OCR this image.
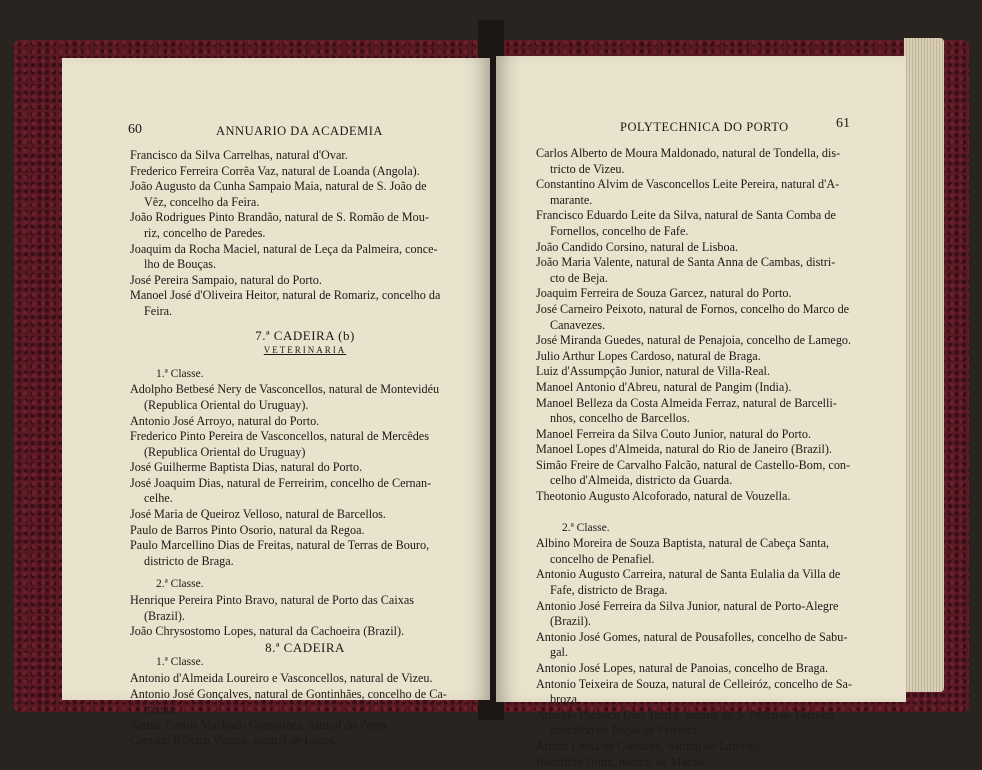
60	ANNUARIO DA ACADEMIA
Francisco da Silva Carrelhas, natural d'Ovar.
Frederico Ferreira Corrêa Vaz, natural de Loanda (Angola).
João Augusto da Cunha Sampaio Maia, natural de S. João de
Vêz, concelho da Feira.
João Rodrigues Pinto Brandão, natural de S. Romão de Mou-
riz, concelho de Paredes.
Joaquim da Rocha Maciel, natural de Leça da Palmeira, conce-
lho de Bouças.
José Pereira Sampaio, natural do Porto.
Manoel José d'Oliveira Heitor, natural de Romariz, concelho da
Feira.
7.ª CADEIRA (b)
VETERINARIA
1.ª Classe.
Adolpho Betbesé Nery de Vasconcellos, natural de Montevidéu
(Republica Oriental do Uruguay).
Antonio José Arroyo, natural do Porto.
Frederico Pinto Pereira de Vasconcellos, natural de Mercêdes
(Republica Oriental do Uruguay)
José Guilherme Baptista Dias, natural do Porto.
José Joaquim Dias, natural de Ferreirim, concelho de Cernan-
celhe.
José Maria de Queiroz Velloso, natural de Barcellos.
Paulo de Barros Pinto Osorio, natural da Regoa.
Paulo Marcellino Dias de Freitas, natural de Terras de Bouro,
districto de Braga.
2.ª Classe.
Henrique Pereira Pinto Bravo, natural de Porto das Caixas
(Brazil).
João Chrysostomo Lopes, natural da Cachoeira (Brazil).
8.ª CADEIRA
1.ª Classe.
Antonio d'Almeida Loureiro e Vasconcellos, natural de Vizeu.
Antonio José Gonçalves, natural de Gontinhães, concelho de Ca-
minha.
Arthur Carlos Machado Guimarães, natural do Porto.
Caetano Ribeiro Vianna, natural de Lagos.
POLYTECHNICA DO PORTO	61
Carlos Alberto de Moura Maldonado, natural de Tondella, dis-
tricto de Vizeu.
Constantino Alvim de Vasconcellos Leite Pereira, natural d'A-
marante.
Francisco Eduardo Leite da Silva, natural de Santa Comba de
Fornellos, concelho de Fafe.
João Candido Corsino, natural de Lisboa.
João Maria Valente, natural de Santa Anna de Cambas, distri-
cto de Beja.
Joaquim Ferreira de Souza Garcez, natural do Porto.
José Carneiro Peixoto, natural de Fornos, concelho do Marco de
Canavezes.
José Miranda Guedes, natural de Penajoia, concelho de Lamego.
Julio Arthur Lopes Cardoso, natural de Braga.
Luiz d'Assumpção Junior, natural de Villa-Real.
Manoel Antonio d'Abreu, natural de Pangim (India).
Manoel Belleza da Costa Almeida Ferraz, natural de Barcelli-
nhos, concelho de Barcellos.
Manoel Ferreira da Silva Couto Junior, natural do Porto.
Manoel Lopes d'Almeida, natural do Rio de Janeiro (Brazil).
Simão Freire de Carvalho Falcão, natural de Castello-Bom, con-
celho d'Almeida, districto da Guarda.
Theotonio Augusto Alcoforado, natural de Vouzella.
2.ª Classe.
Albino Moreira de Souza Baptista, natural de Cabeça Santa,
concelho de Penafiel.
Antonio Augusto Carreira, natural de Santa Eulalia da Villa de
Fafe, districto de Braga.
Antonio José Ferreira da Silva Junior, natural de Porto-Alegre
(Brazil).
Antonio José Gomes, natural de Pousafolles, concelho de Sabu-
gal.
Antonio José Lopes, natural de Panoias, concelho de Braga.
Antonio Teixeira de Souza, natural de Celleiróz, concelho de Sa-
broza.
Arnaldo Pacheco Dias Torres, natural de S. Pedro de Ferreira,
concelho de Paços de Ferreira.
Arthur Lessa de Carvalho, natural de Lamego.
Bomfilho Diniz, natural de Macau.
